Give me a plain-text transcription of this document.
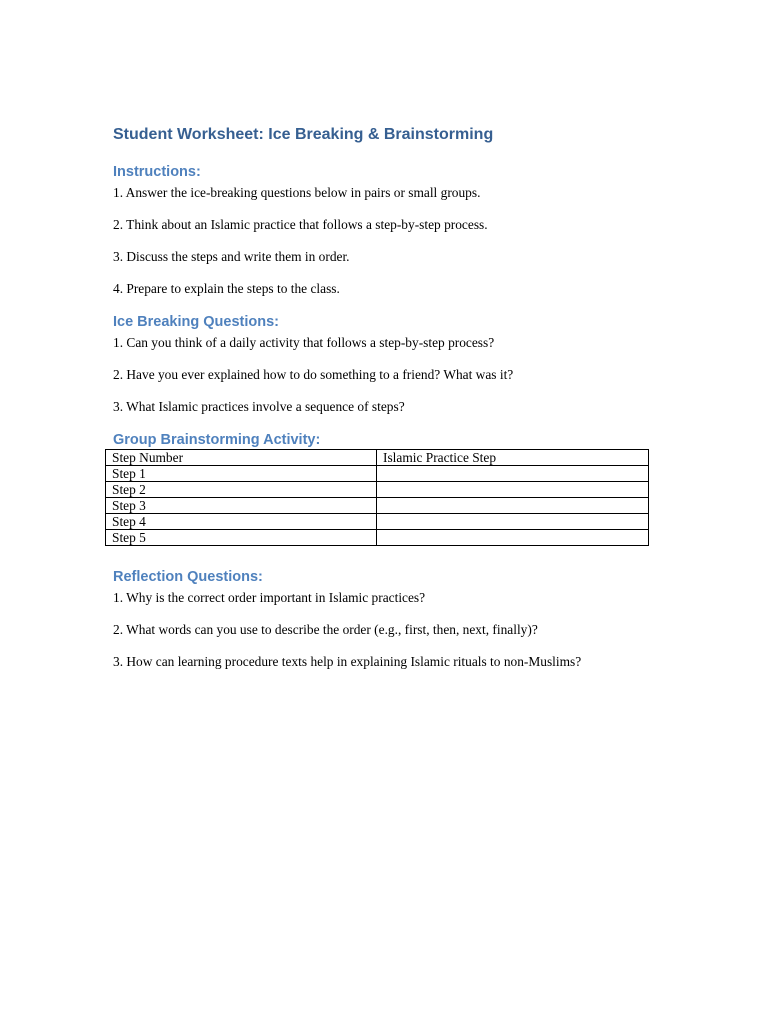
Student Worksheet: Ice Breaking & Brainstorming
Instructions:

1. Answer the ice-breaking questions below in pairs or small groups.

2. Think about an Islamic practice that follows a step-by-step process.

3. Discuss the steps and write them in order.

4. Prepare to explain the steps to the class.

Ice Breaking Questions:

1. Can you think of a daily activity that follows a step-by-step process?

2. Have you ever explained how to do something to a friend? What was it?

3. What Islamic practices involve a sequence of steps?

Group Brainstorming Activity:
Step Number	Islamic Practice Step
Step 1	
Step 2	
Step 3	
Step 4	
Step 5	
Reflection Questions:

1. Why is the correct order important in Islamic practices?

2. What words can you use to describe the order (e.g., first, then, next, finally)?

3. How can learning procedure texts help in explaining Islamic rituals to non-Muslims?
